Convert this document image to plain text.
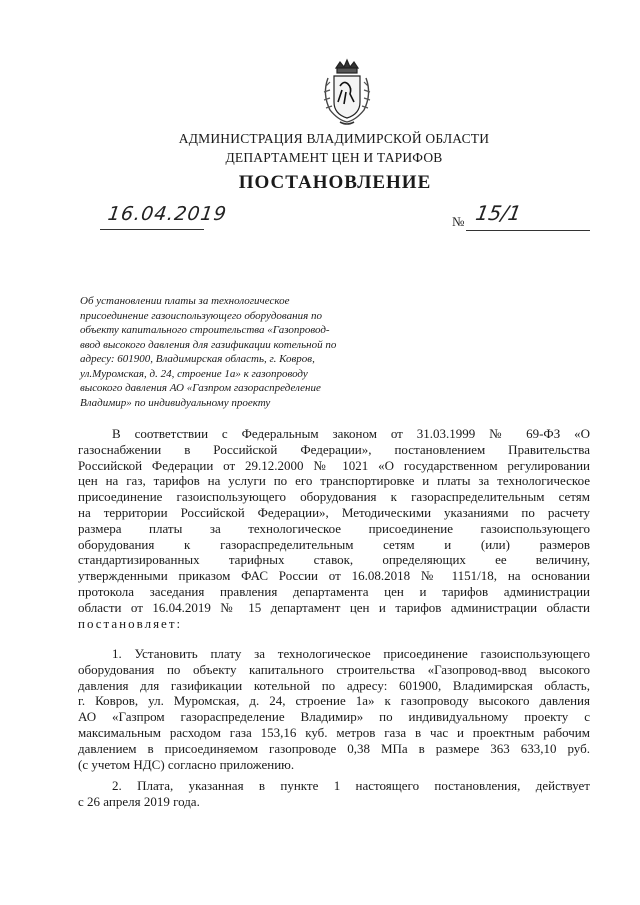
АДМИНИСТРАЦИЯ ВЛАДИМИРСКОЙ ОБЛАСТИ
ДЕПАРТАМЕНТ ЦЕН И ТАРИФОВ
ПОСТАНОВЛЕНИЕ
16.04.2019	№ 15/1
Об установлении платы за технологическое
присоединение газоиспользующего оборудования по
объекту капитального строительства «Газопровод-
ввод высокого давления для газификации котельной по
адресу: 601900, Владимирская область, г. Ковров,
ул.Муромская, д. 24, строение 1а» к газопроводу
высокого давления АО «Газпром газораспределение
Владимир» по индивидуальному проекту
В соответствии с Федеральным законом от 31.03.1999 № 69-ФЗ «О
газоснабжении в Российской Федерации», постановлением Правительства
Российской Федерации от 29.12.2000 № 1021 «О государственном регулировании
цен на газ, тарифов на услуги по его транспортировке и платы за технологическое
присоединение газоиспользующего оборудования к газораспределительным сетям
на территории Российской Федерации», Методическими указаниями по расчету
размера платы за технологическое присоединение газоиспользующего
оборудования к газораспределительным сетям и (или) размеров
стандартизированных тарифных ставок, определяющих ее величину,
утвержденными приказом ФАС России от 16.08.2018 № 1151/18, на основании
протокола заседания правления департамента цен и тарифов администрации
области от 16.04.2019 № 15 департамент цен и тарифов администрации области
постановляет:
1. Установить плату за технологическое присоединение газоиспользующего
оборудования по объекту капитального строительства «Газопровод-ввод высокого
давления для газификации котельной по адресу: 601900, Владимирская область,
г. Ковров, ул. Муромская, д. 24, строение 1а» к газопроводу высокого давления
АО «Газпром газораспределение Владимир» по индивидуальному проекту с
максимальным расходом газа 153,16 куб. метров газа в час и проектным рабочим
давлением в присоединяемом газопроводе 0,38 МПа в размере 363 633,10 руб.
(с учетом НДС) согласно приложению.
2. Плата, указанная в пункте 1 настоящего постановления, действует
с 26 апреля 2019 года.
